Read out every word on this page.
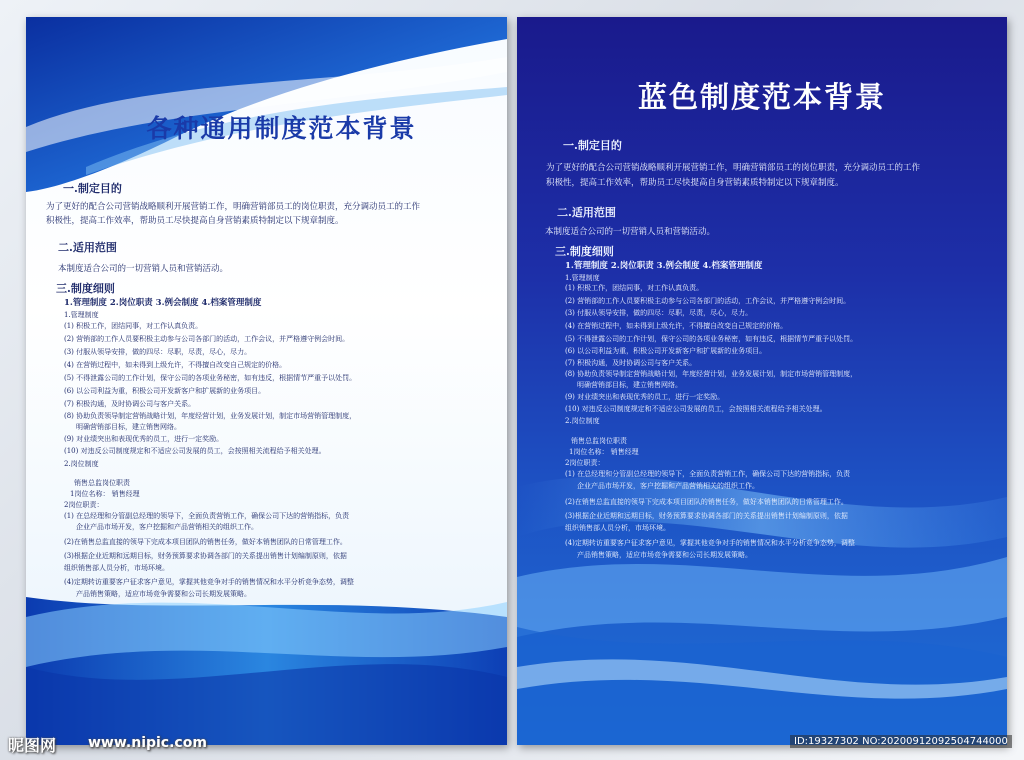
各种通用制度范本背景
一.制定目的
为了更好的配合公司营销战略顺利开展营销工作，明确营销部员工的岗位职责，充分调动员工的工作
积极性，提高工作效率，帮助员工尽快提高自身营销素质特制定以下规章制度。
二.适用范围
本制度适合公司的一切营销人员和营销活动。
三.制度细则
1.管理制度 2.岗位职责 3.例会制度 4.档案管理制度
1.管理制度
(1) 积极工作，团结同事，对工作认真负责。
(2) 营销部的工作人员要积极主动参与公司各部门的活动，工作会议，并严格遵守例会时间。
(3) 付服从领导安排，做的四尽：尽职，尽责，尽心，尽力。
(4) 在营销过程中，如未得到上级允许，不得擅自改变自己规定的价格。
(5) 不得泄露公司的工作计划，保守公司的各项业务秘密，如有违反，根据情节严重予以处罚。
(6) 以公司利益为重，积极公司开发新客户和扩展新的业务项目。
(7) 积极沟通，及时协调公司与客户关系。
(8) 协助负责领导制定营销战略计划，年度经营计划，业务发展计划，制定市场营销管理制度，
明确营销部目标，建立销售网络。
(9) 对业绩突出和表现优秀的员工，进行一定奖励。
(10) 对违反公司制度规定和不适应公司发展的员工，会按照相关流程给予相关处理。
2.岗位制度
销售总监岗位职责
1岗位名称： 销售经理
2岗位职责：
(1) 在总经理和分管副总经理的领导下，全面负责营销工作，确保公司下达的营销指标，负责
企业产品市场开发，客户挖掘和产品营销相关的组织工作。
(2)在销售总监直接的领导下完成本项目团队的销售任务，做好本销售团队的日常管理工作。
(3)根据企业近期和远期目标，财务预算要求协调各部门的关系提出销售计划编制原则，依据
组织销售部人员分析，市场环境。
(4)定期转访重要客户征求客户意见，掌握其他竞争对手的销售情况和水平分析竞争态势，调整
产品销售策略，适应市场竞争需要和公司长期发展策略。
蓝色制度范本背景
一.制定目的
为了更好的配合公司营销战略顺利开展营销工作，明确营销部员工的岗位职责，充分调动员工的工作
积极性，提高工作效率，帮助员工尽快提高自身营销素质特制定以下规章制度。
二.适用范围
本制度适合公司的一切营销人员和营销活动。
三.制度细则
1.管理制度 2.岗位职责 3.例会制度 4.档案管理制度
1.管理制度
(1) 积极工作，团结同事，对工作认真负责。
(2) 营销部的工作人员要积极主动参与公司各部门的活动，工作会议，并严格遵守例会时间。
(3) 付服从领导安排，做的四尽：尽职，尽责，尽心，尽力。
(4) 在营销过程中，如未得到上级允许，不得擅自改变自己规定的价格。
(5) 不得泄露公司的工作计划，保守公司的各项业务秘密，如有违反，根据情节严重予以处罚。
(6) 以公司利益为重，积极公司开发新客户和扩展新的业务项目。
(7) 积极沟通，及时协调公司与客户关系。
(8) 协助负责领导制定营销战略计划，年度经营计划，业务发展计划，制定市场营销管理制度，
明确营销部目标，建立销售网络。
(9) 对业绩突出和表现优秀的员工，进行一定奖励。
(10) 对违反公司制度规定和不适应公司发展的员工，会按照相关流程给予相关处理。
2.岗位制度
销售总监岗位职责
1岗位名称： 销售经理
2岗位职责：
(1) 在总经理和分管副总经理的领导下，全面负责营销工作，确保公司下达的营销指标，负责
企业产品市场开发，客户挖掘和产品营销相关的组织工作。
(2)在销售总监直接的领导下完成本项目团队的销售任务，做好本销售团队的日常管理工作。
(3)根据企业近期和远期目标，财务预算要求协调各部门的关系提出销售计划编制原则，依据
组织销售部人员分析，市场环境。
(4)定期转访重要客户征求客户意见，掌握其他竞争对手的销售情况和水平分析竞争态势，调整
产品销售策略，适应市场竞争需要和公司长期发展策略。
昵图网 www.nipic.com	ID:19327302 NO:20200912092504744000
